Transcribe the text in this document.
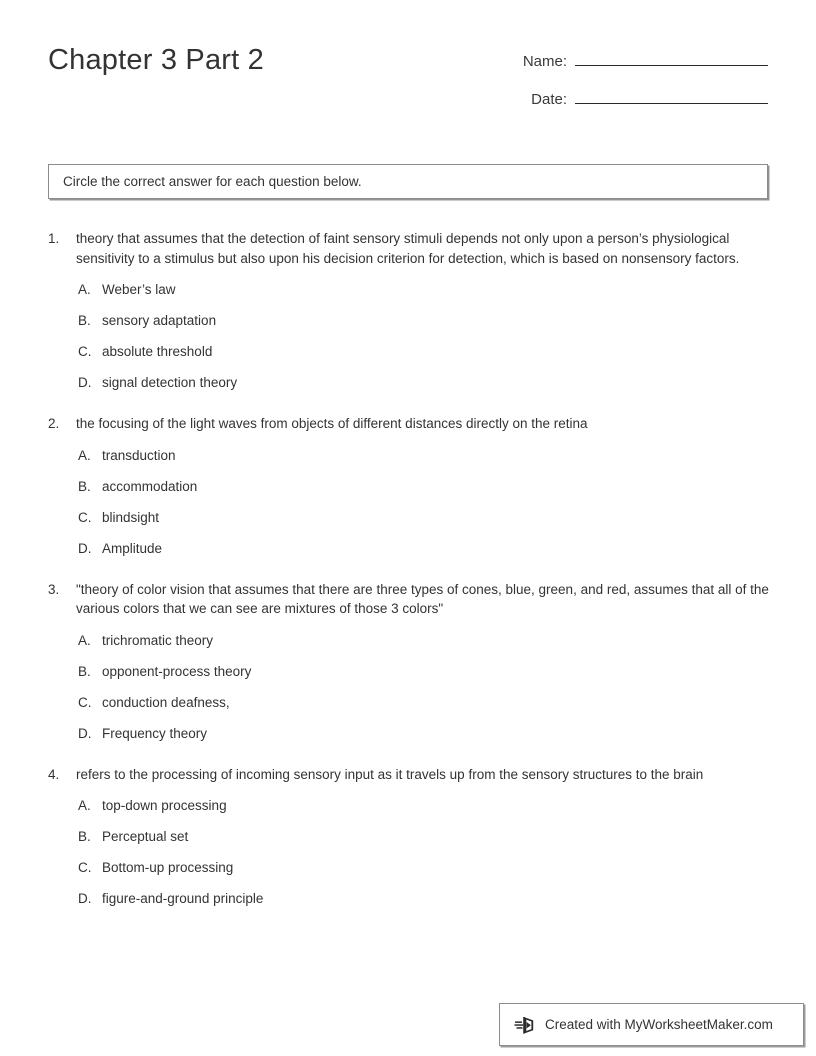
Chapter 3 Part 2	Name:
Date:
Circle the correct answer for each question below.
1.	theory that assumes that the detection of faint sensory stimuli depends not only upon a person’s physiological sensitivity to a stimulus but also upon his decision criterion for detection, which is based on nonsensory factors.
A. Weber’s law
B. sensory adaptation
C. absolute threshold
D. signal detection theory
2.	the focusing of the light waves from objects of different distances directly on the retina
A. transduction
B. accommodation
C. blindsight
D. Amplitude
3.	"theory of color vision that assumes that there are three types of cones, blue, green, and red, assumes that all of the various colors that we can see are mixtures of those 3 colors"
A. trichromatic theory
B. opponent-process theory
C. conduction deafness,
D. Frequency theory
4.	refers to the processing of incoming sensory input as it travels up from the sensory structures to the brain
A. top-down processing
B. Perceptual set
C. Bottom-up processing
D. figure-and-ground principle
Created with MyWorksheetMaker.com
